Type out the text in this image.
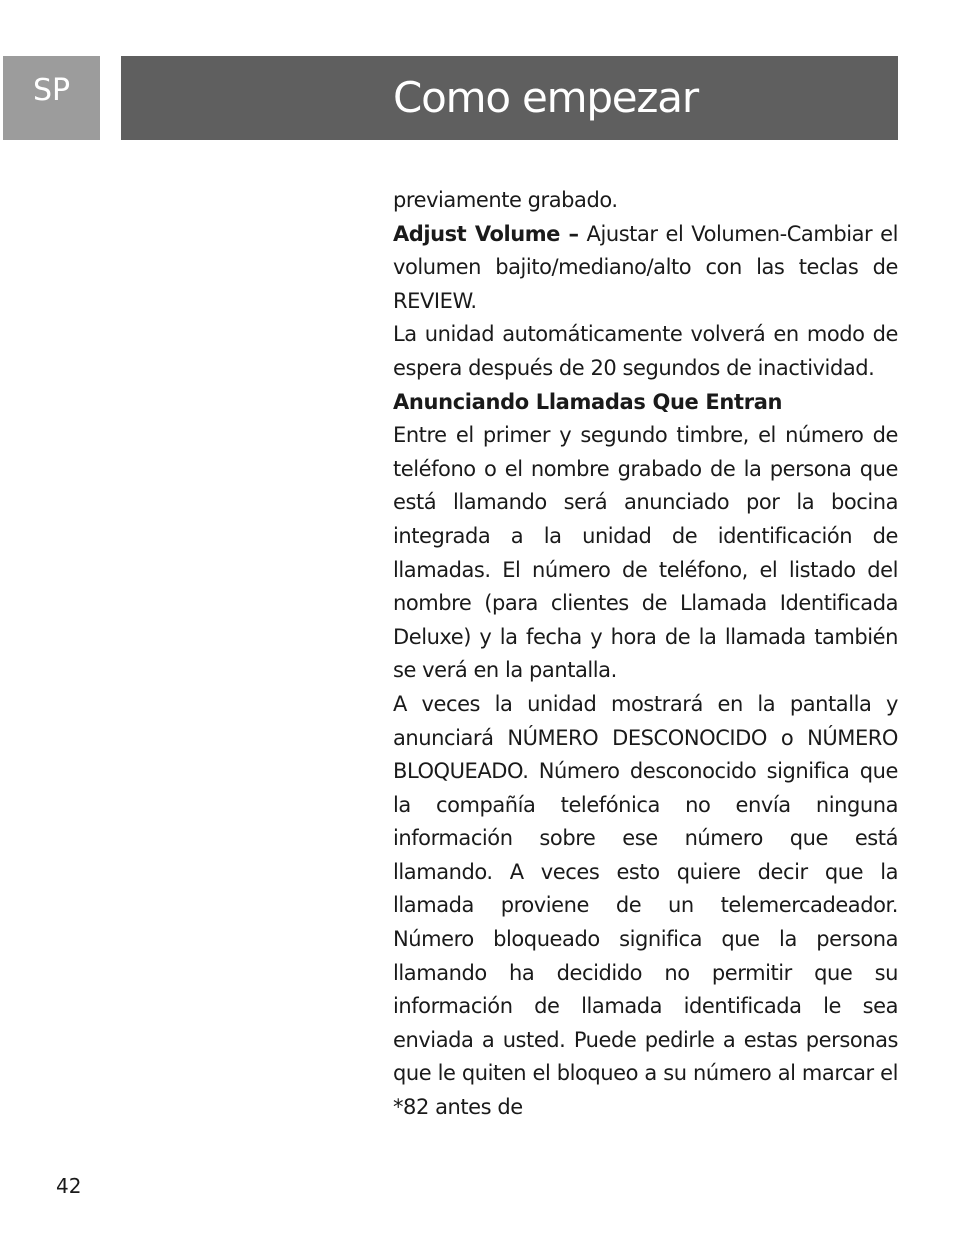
SP	Como empezar

previamente grabado.

Adjust Volume – Ajustar el Volumen-Cambiar el volumen bajito/mediano/alto con las teclas de REVIEW.

La unidad automáticamente volverá en modo de espera después de 20 segundos de inactividad.

Anunciando Llamadas Que Entran

Entre el primer y segundo timbre, el número de teléfono o el nombre grabado de la persona que está llamando será anunciado por la bocina integrada a la unidad de identificación de llamadas. El número de teléfono, el listado del nombre (para clientes de Llamada Identificada Deluxe) y la fecha y hora de la llamada también se verá en la pantalla.

A veces la unidad mostrará en la pantalla y anunciará NÚMERO DESCONOCIDO o NÚMERO BLOQUEADO. Número desconocido significa que la compañía telefónica no envía ninguna información sobre ese número que está llamando. A veces esto quiere decir que la llamada proviene de un telemercadeador. Número bloqueado significa que la persona llamando ha decidido no permitir que su información de llamada identificada le sea enviada a usted. Puede pedirle a estas personas que le quiten el bloqueo a su número al marcar el *82 antes de

42
